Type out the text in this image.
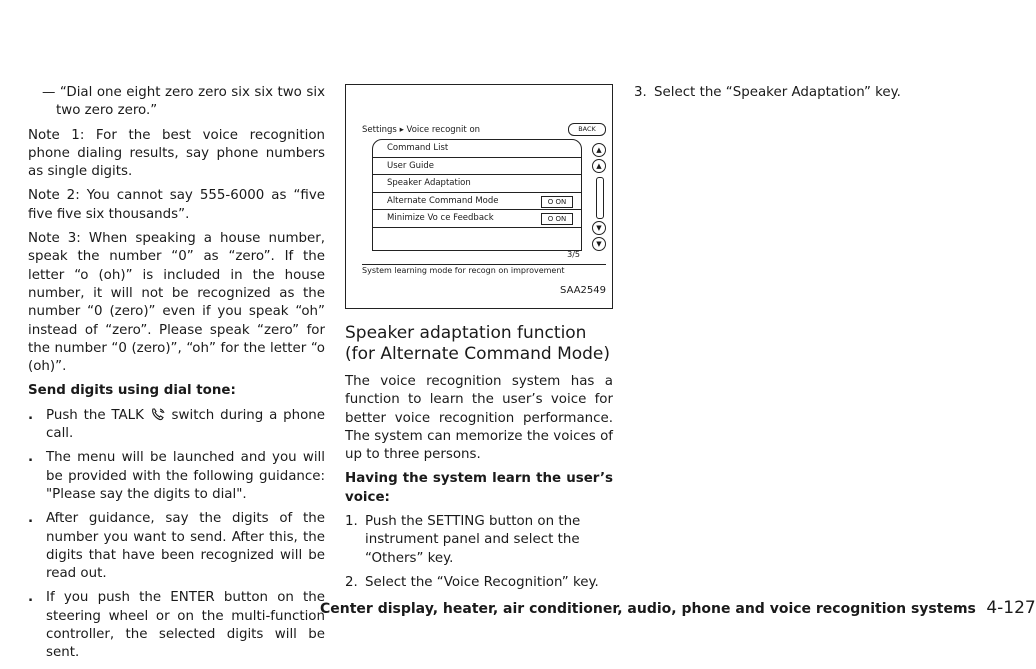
— “Dial one eight zero zero six six two six two zero zero.”

Note 1: For the best voice recognition phone dialing results, say phone numbers as single digits.

Note 2: You cannot say 555-6000 as “five five five six thousands”.

Note 3: When speaking a house number, speak the number “0” as “zero”. If the letter “o (oh)” is included in the house number, it will not be recognized as the number “0 (zero)” even if you speak “oh” instead of “zero”. Please speak “zero” for the number “0 (zero)”, “oh” for the letter “o (oh)”.

Send digits using dial tone:

. Push the TALK switch during a phone call.
. The menu will be launched and you will be provided with the following guidance: "Please say the digits to dial".
. After guidance, say the digits of the number you want to send. After this, the digits that have been recognized will be read out.
. If you push the ENTER button on the steering wheel or on the multi-function controller, the selected digits will be sent.
Settings ▸ Voice recognit on	BACK
Command List
User Guide
Speaker Adaptation
Alternate Command Mode	O ON
Minimize Vo ce Feedback	O ON
▲
▲
▼
▼
3/5
System learning mode for recogn on improvement
SAA2549
Speaker adaptation function (for Alternate Command Mode)

The voice recognition system has a function to learn the user’s voice for better voice recognition performance. The system can memorize the voices of up to three persons.

Having the system learn the user’s voice:

1. Push the SETTING button on the instrument panel and select the “Others” key.
2. Select the “Voice Recognition” key.
3. Select the “Speaker Adaptation” key.
Center display, heater, air conditioner, audio, phone and voice recognition systems 4-127
